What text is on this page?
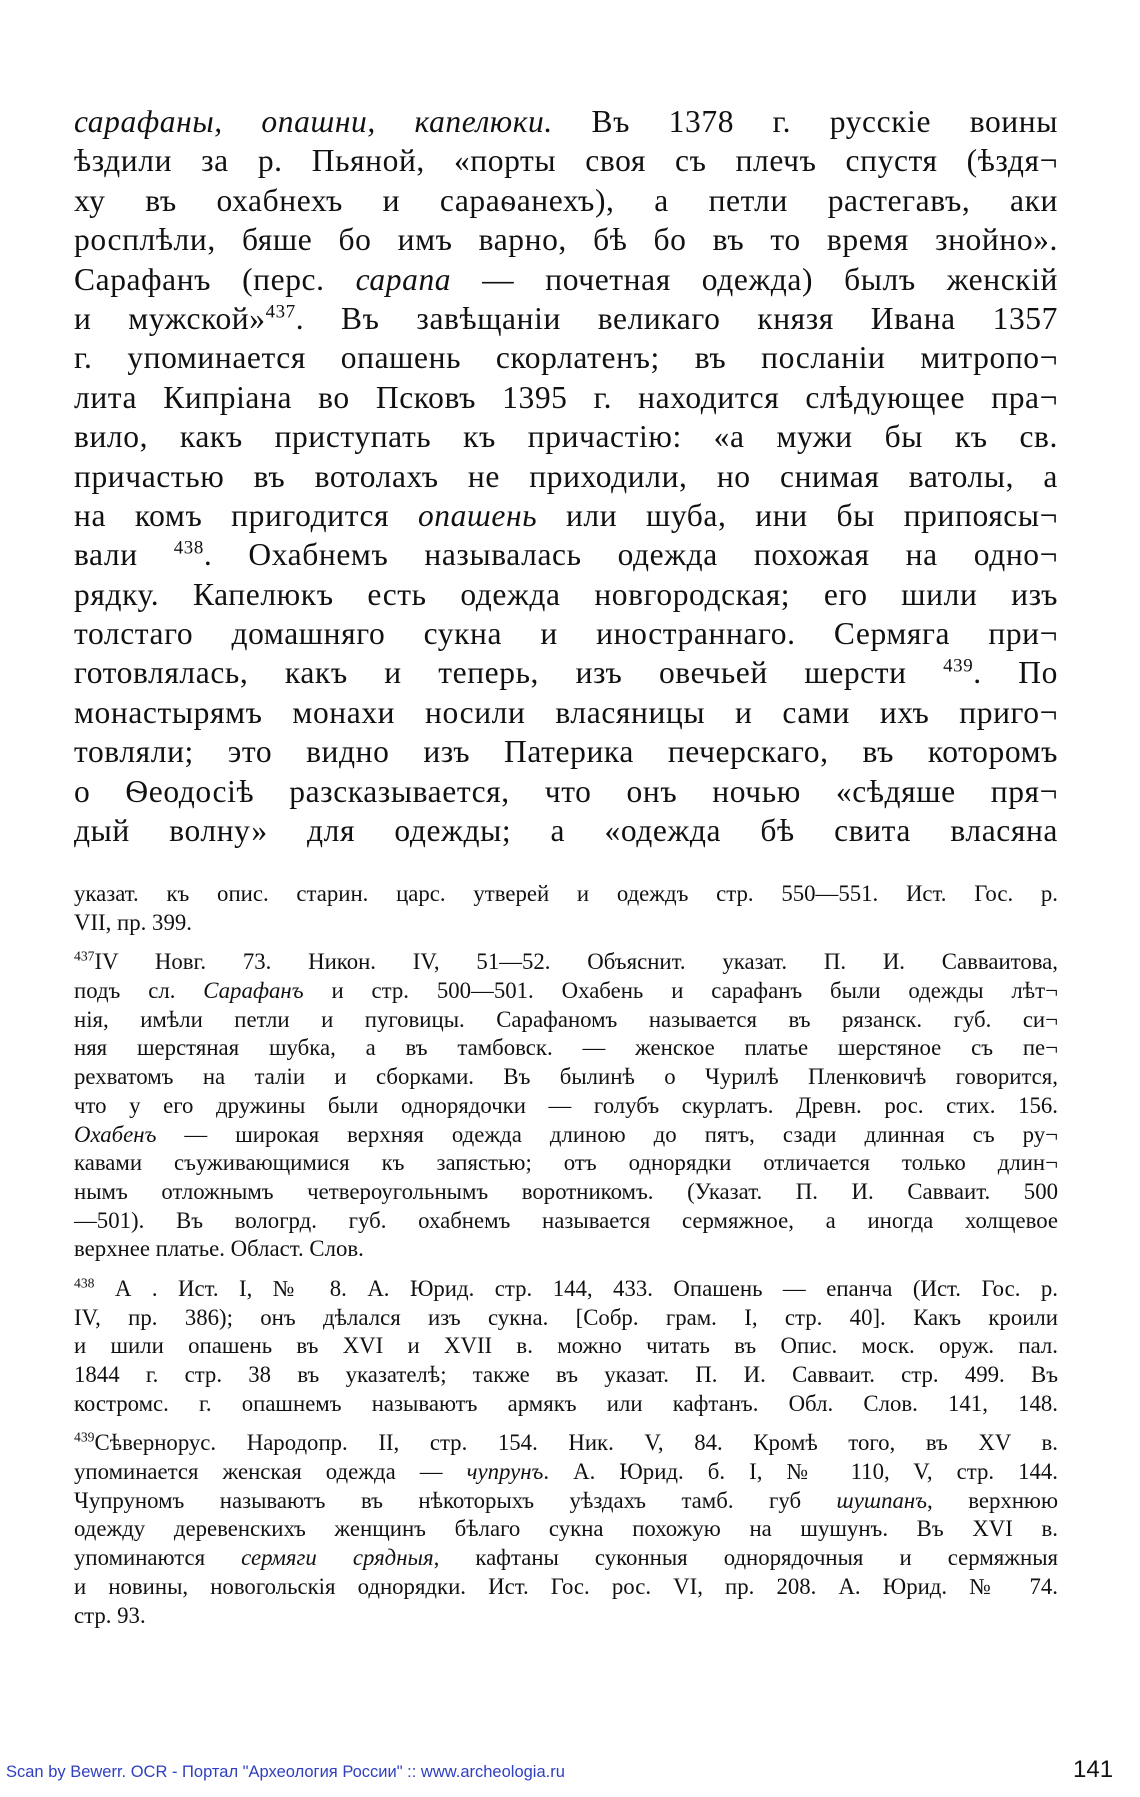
сарафаны, опашни, капелюки. Въ 1378 г. русскіе воины
ѣздили за р. Пьяной, «порты своя съ плечъ спустя (ѣздя¬
ху въ охабнехъ и сараѳанехъ), а петли растегавъ, аки
росплѣли, бяше бо имъ варно, бѣ бо въ то время знойно».
Сарафанъ (перс. сарапа — почетная одежда) былъ женскій
и мужской»$^{437}$. Въ завѣщаніи великаго князя Ивана 1357
г. упоминается опашень скорлатенъ; въ посланіи митропо¬
лита Кипріана во Псковъ 1395 г. находится слѣдующее пра¬
вило, какъ приступать къ причастію: «а мужи бы къ св.
причастью въ вотолахъ не приходили, но снимая ватолы, а
на комъ пригодится опашень или шуба, ини бы припоясы¬
вали $^{438}$. Охабнемъ называлась одежда похожая на одно¬
рядку. Капелюкъ есть одежда новгородская; его шили изъ
толстаго домашняго сукна и иностраннаго. Сермяга при¬
готовлялась, какъ и теперь, изъ овечьей шерсти $^{439}$. По
монастырямъ монахи носили власяницы и сами ихъ приго¬
товляли; это видно изъ Патерика печерскаго, въ которомъ
о Ѳеодосіѣ разсказывается, что онъ ночью «сѣдяше пря¬
дый волну» для одежды; а «одежда бѣ свита власяна
указат. къ опис. старин. царс. утверей и одеждъ стр. 550—551. Ист. Гос. р.
VII, пр. 399.
$^{437}$IV Новг. 73. Никон. IV, 51—52. Объяснит. указат. П. И. Савваитова,
подъ сл. Сарафанъ и стр. 500—501. Охабень и сарафанъ были одежды лѣт¬
нія, имѣли петли и пуговицы. Сарафаномъ называется въ рязанск. губ. си¬
няя шерстяная шубка, а въ тамбовск. — женское платье шерстяное съ пе¬
рехватомъ на таліи и сборками. Въ былинѣ о Чурилѣ Пленковичѣ говорится,
что у его дружины были однорядочки — голубъ скурлатъ. Древн. рос. стих. 156.
Охабенъ — широкая верхняя одежда длиною до пятъ, сзади длинная съ ру¬
кавами съуживающимися къ запястью; отъ однорядки отличается только длин¬
нымъ отложнымъ четвероугольнымъ воротникомъ. (Указат. П. И. Савваит. 500
—501). Въ вологрд. губ. охабнемъ называется сермяжное, а иногда холщевое
верхнее платье. Област. Слов.
$^{438}$ А . Ист. I, № 8. А. Юрид. стр. 144, 433. Опашень — епанча (Ист. Гос. р.
IV, пр. 386); онъ дѣлался изъ сукна. [Собр. грам. I, стр. 40]. Какъ кроили
и шили опашень въ XVI и XVII в. можно читать въ Опис. моск. оруж. пал.
1844 г. стр. 38 въ указателѣ; также въ указат. П. И. Савваит. стр. 499. Въ
костромс. г. опашнемъ называютъ армякъ или кафтанъ. Обл. Слов. 141, 148.
$^{439}$Сѣвернорус. Народопр. II, стр. 154. Ник. V, 84. Кромѣ того, въ XV в.
упоминается женская одежда — чупрунъ. А. Юрид. б. I, № 110, V, стр. 144.
Чупруномъ называютъ въ нѣкоторыхъ уѣздахъ тамб. губ шушпанъ, верхнюю
одежду деревенскихъ женщинъ бѣлаго сукна похожую на шушунъ. Въ XVI в.
упоминаются сермяги срядныя, кафтаны суконныя однорядочныя и сермяжныя
и новины, новогольскія однорядки. Ист. Гос. рос. VI, пр. 208. А. Юрид. № 74.
стр. 93.
Scan by Bewerr. OCR - Портал "Археология России" :: www.archeologia.ru	141
